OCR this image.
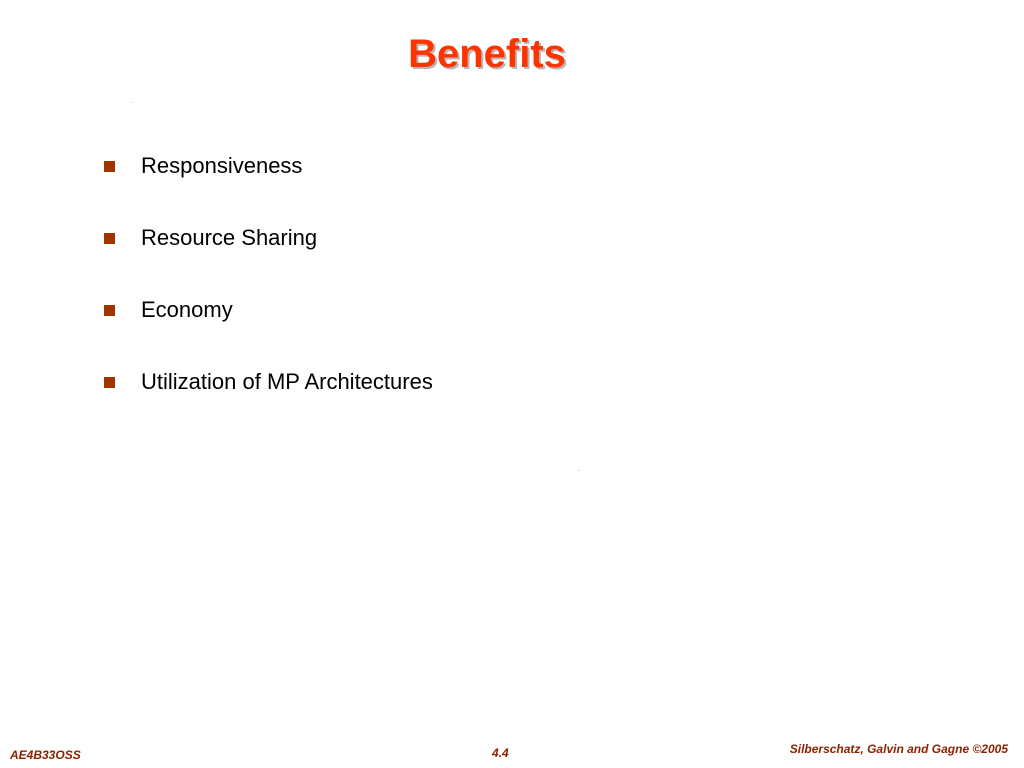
Benefits
Responsiveness
Resource Sharing
Economy
Utilization of MP Architectures
AE4B33OSS	4.4	Silberschatz, Galvin and Gagne ©2005
